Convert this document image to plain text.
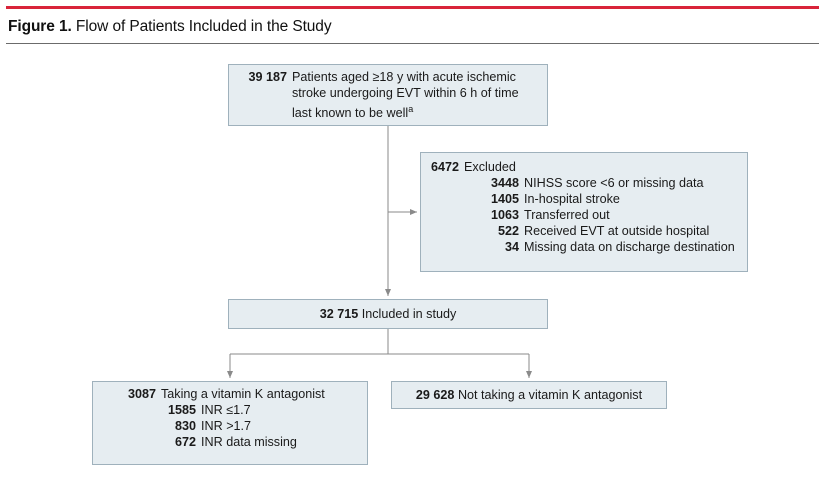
Figure 1. Flow of Patients Included in the Study
39 187 Patients aged ≥18 y with acute ischemic
stroke undergoing EVT within 6 h of time
last known to be well$^a$
6472 Excluded
3448 NIHSS score <6 or missing data
1405 In-hospital stroke
1063 Transferred out
522 Received EVT at outside hospital
34 Missing data on discharge destination
32 715 Included in study
3087 Taking a vitamin K antagonist
1585 INR ≤1.7
830 INR >1.7
672 INR data missing
29 628 Not taking a vitamin K antagonist
